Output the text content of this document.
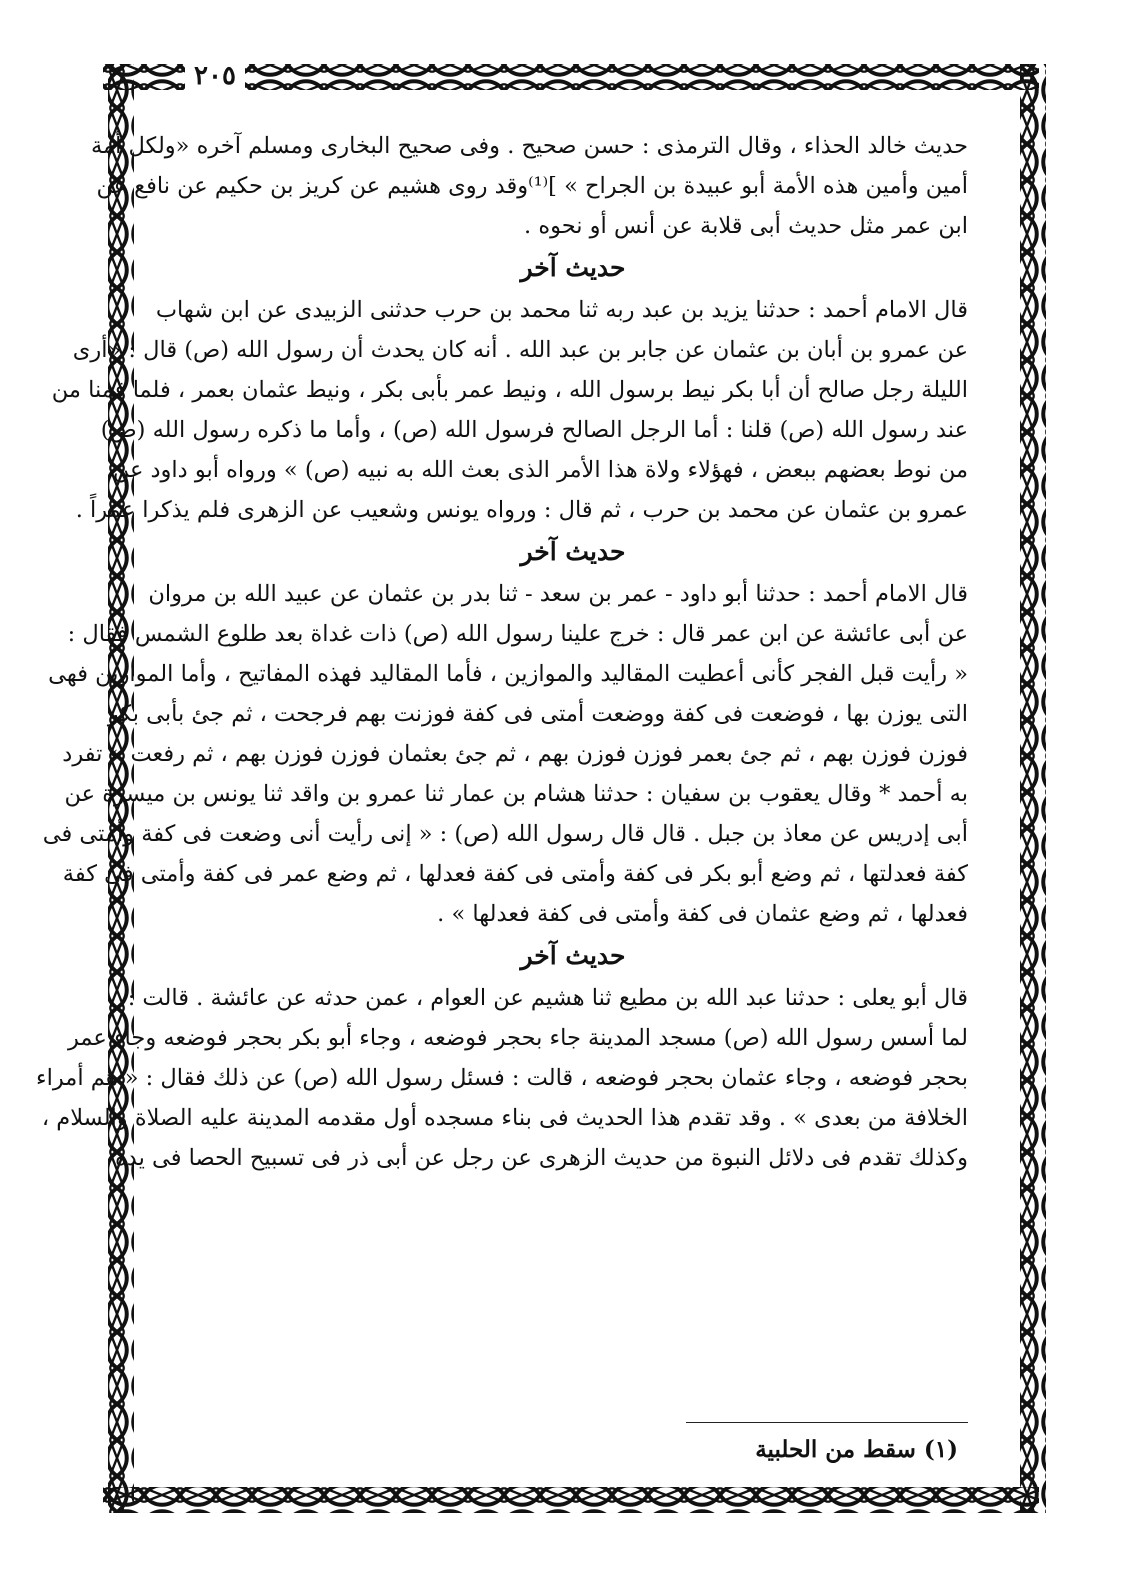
٢٠٥

حديث خالد الحذاء ، وقال الترمذى : حسن صحيح . وفى صحيح البخارى ومسلم آخره «ولكل أمة

أمين وأمين هذه الأمة أبو عبيدة بن الجراح » ]⁽¹⁾وقد روى هشيم عن كريز بن حكيم عن نافع عن

ابن عمر مثل حديث أبى قلابة عن أنس أو نحوه .

حديث آخر

قال الامام أحمد : حدثنا يزيد بن عبد ربه ثنا محمد بن حرب حدثنى الزبيدى عن ابن شهاب

عن عمرو بن أبان بن عثمان عن جابر بن عبد الله . أنه كان يحدث أن رسول الله (ص) قال : «أرى

الليلة رجل صالح أن أبا بكر نيط برسول الله ، ونيط عمر بأبى بكر ، ونيط عثمان بعمر ، فلما قمنا من

عند رسول الله (ص) قلنا : أما الرجل الصالح فرسول الله (ص) ، وأما ما ذكره رسول الله (ص)

من نوط بعضهم ببعض ، فهؤلاء ولاة هذا الأمر الذى بعث الله به نبيه (ص) » ورواه أبو داود عن

عمرو بن عثمان عن محمد بن حرب ، ثم قال : ورواه يونس وشعيب عن الزهرى فلم يذكرا عمراً .

حديث آخر

قال الامام أحمد : حدثنا أبو داود - عمر بن سعد - ثنا بدر بن عثمان عن عبيد الله بن مروان

عن أبى عائشة عن ابن عمر قال : خرج علينا رسول الله (ص) ذات غداة بعد طلوع الشمس فقال :

« رأيت قبل الفجر كأنى أعطيت المقاليد والموازين ، فأما المقاليد فهذه المفاتيح ، وأما الموازين فهى

التى يوزن بها ، فوضعت فى كفة ووضعت أمتى فى كفة فوزنت بهم فرجحت ، ثم جئ بأبى بكر

فوزن فوزن بهم ، ثم جئ بعمر فوزن فوزن بهم ، ثم جئ بعثمان فوزن فوزن بهم ، ثم رفعت » تفرد

به أحمد * وقال يعقوب بن سفيان : حدثنا هشام بن عمار ثنا عمرو بن واقد ثنا يونس بن ميسرة عن

أبى إدريس عن معاذ بن جبل . قال قال رسول الله (ص) : « إنى رأيت أنى وضعت فى كفة وأمتى فى

كفة فعدلتها ، ثم وضع أبو بكر فى كفة وأمتى فى كفة فعدلها ، ثم وضع عمر فى كفة وأمتى فى كفة

فعدلها ، ثم وضع عثمان فى كفة وأمتى فى كفة فعدلها » .

حديث آخر

قال أبو يعلى : حدثنا عبد الله بن مطيع ثنا هشيم عن العوام ، عمن حدثه عن عائشة . قالت :

لما أسس رسول الله (ص) مسجد المدينة جاء بحجر فوضعه ، وجاء أبو بكر بحجر فوضعه وجاء عمر

بحجر فوضعه ، وجاء عثمان بحجر فوضعه ، قالت : فسئل رسول الله (ص) عن ذلك فقال : « هم أمراء

الخلافة من بعدى » . وقد تقدم هذا الحديث فى بناء مسجده أول مقدمه المدينة عليه الصلاة والسلام ،

وكذلك تقدم فى دلائل النبوة من حديث الزهرى عن رجل عن أبى ذر فى تسبيح الحصا فى يده

(١) سقط من الحلبية
